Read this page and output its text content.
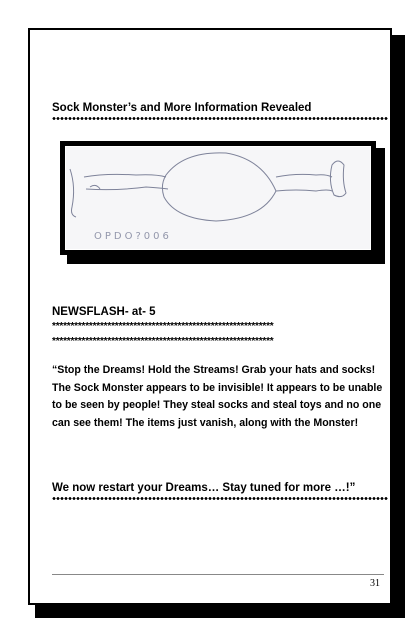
Sock Monster’s and More Information Revealed
OPDO?006
NEWSFLASH- at- 5
************************************************************
************************************************************
“Stop the Dreams! Hold the Streams! Grab your hats and socks! The Sock Monster appears to be invisible! It appears to be unable to be seen by people! They steal socks and steal toys and no one can see them! The items just vanish, along with the Monster!
We now restart your Dreams… Stay tuned for more …!”
31
